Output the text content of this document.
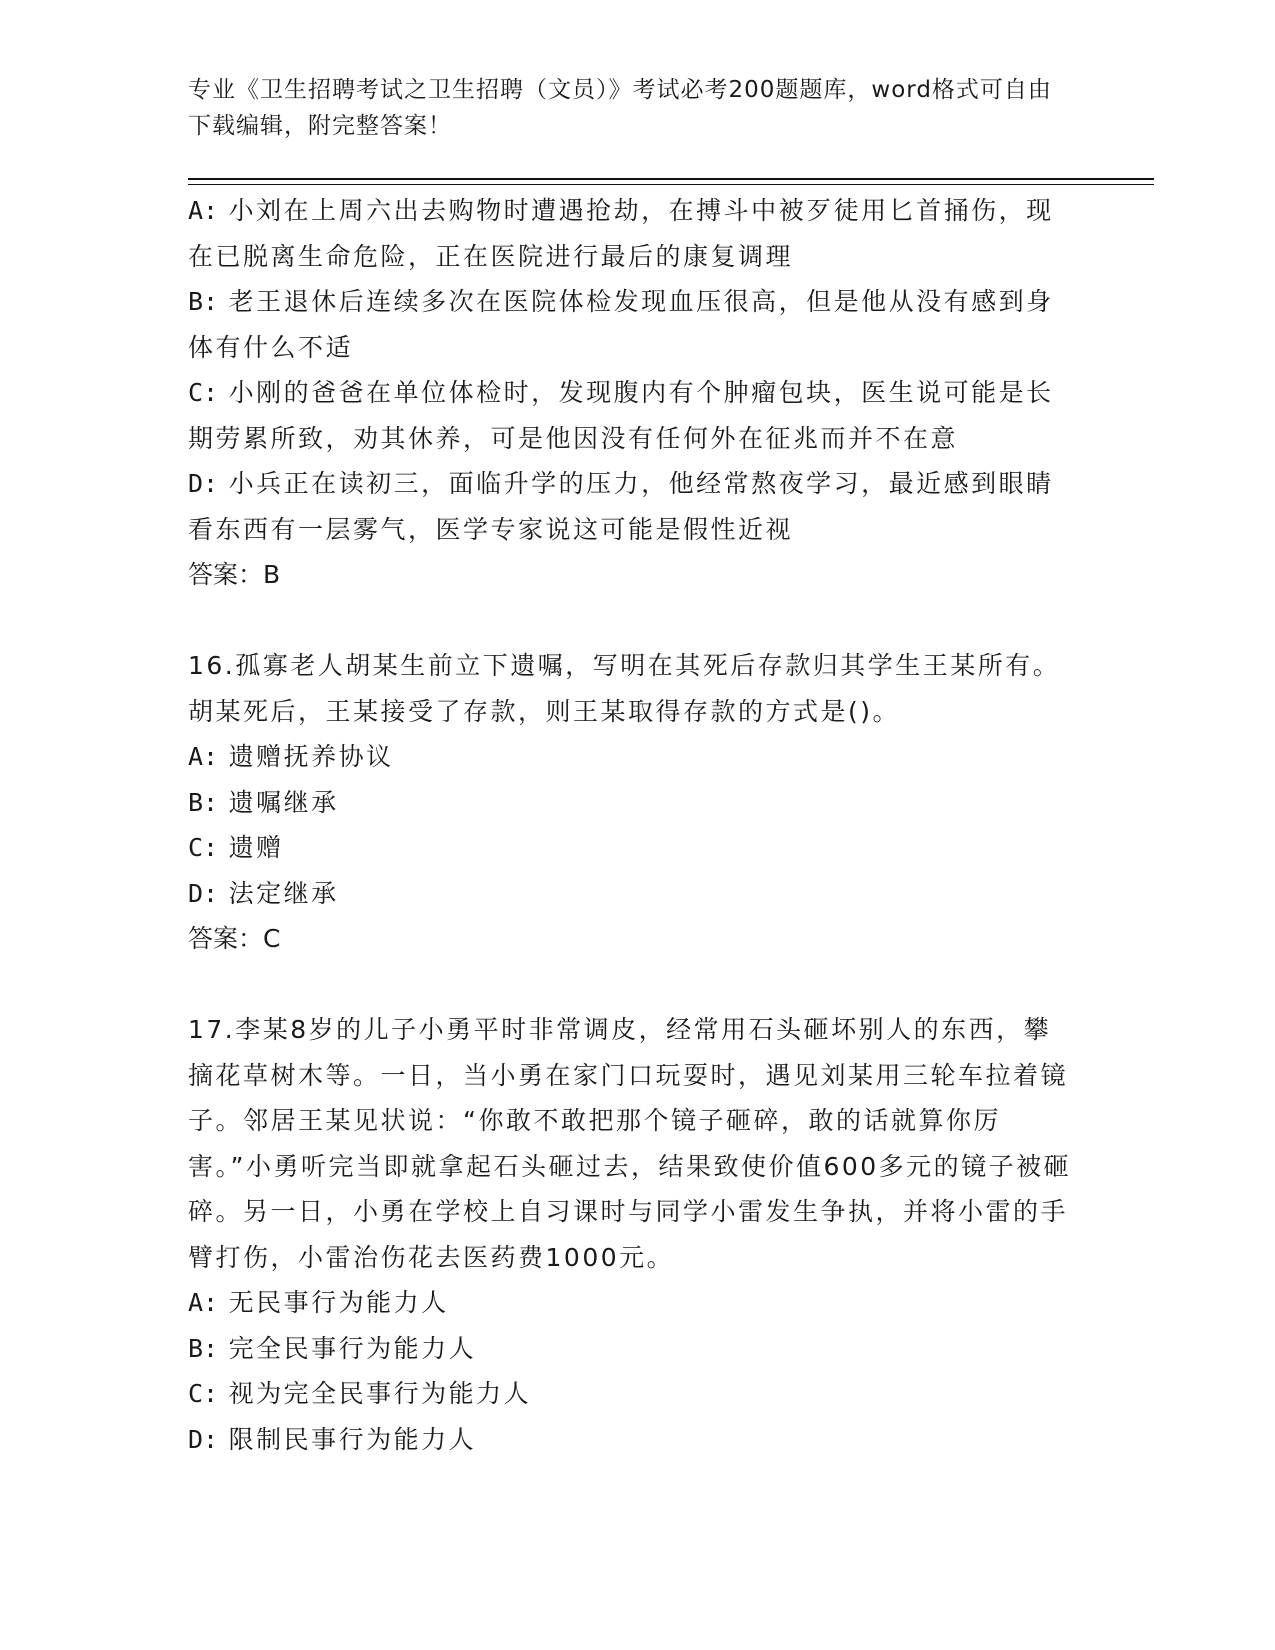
专业《卫生招聘考试之卫生招聘（文员）》考试必考200题题库，word格式可自由下载编辑，附完整答案！

A: 小刘在上周六出去购物时遭遇抢劫，在搏斗中被歹徒用匕首捅伤，现在已脱离生命危险，正在医院进行最后的康复调理

B: 老王退休后连续多次在医院体检发现血压很高，但是他从没有感到身体有什么不适

C: 小刚的爸爸在单位体检时，发现腹内有个肿瘤包块，医生说可能是长期劳累所致，劝其休养，可是他因没有任何外在征兆而并不在意

D: 小兵正在读初三，面临升学的压力，他经常熬夜学习，最近感到眼睛看东西有一层雾气，医学专家说这可能是假性近视

答案：B

16.孤寡老人胡某生前立下遗嘱，写明在其死后存款归其学生王某所有。胡某死后，王某接受了存款，则王某取得存款的方式是()。

A: 遗赠抚养协议

B: 遗嘱继承

C: 遗赠

D: 法定继承

答案：C

17.李某8岁的儿子小勇平时非常调皮，经常用石头砸坏别人的东西，攀摘花草树木等。一日，当小勇在家门口玩耍时，遇见刘某用三轮车拉着镜子。邻居王某见状说：“你敢不敢把那个镜子砸碎，敢的话就算你厉害。”小勇听完当即就拿起石头砸过去，结果致使价值600多元的镜子被砸碎。另一日，小勇在学校上自习课时与同学小雷发生争执，并将小雷的手臂打伤，小雷治伤花去医药费1000元。

A: 无民事行为能力人

B: 完全民事行为能力人

C: 视为完全民事行为能力人

D: 限制民事行为能力人
